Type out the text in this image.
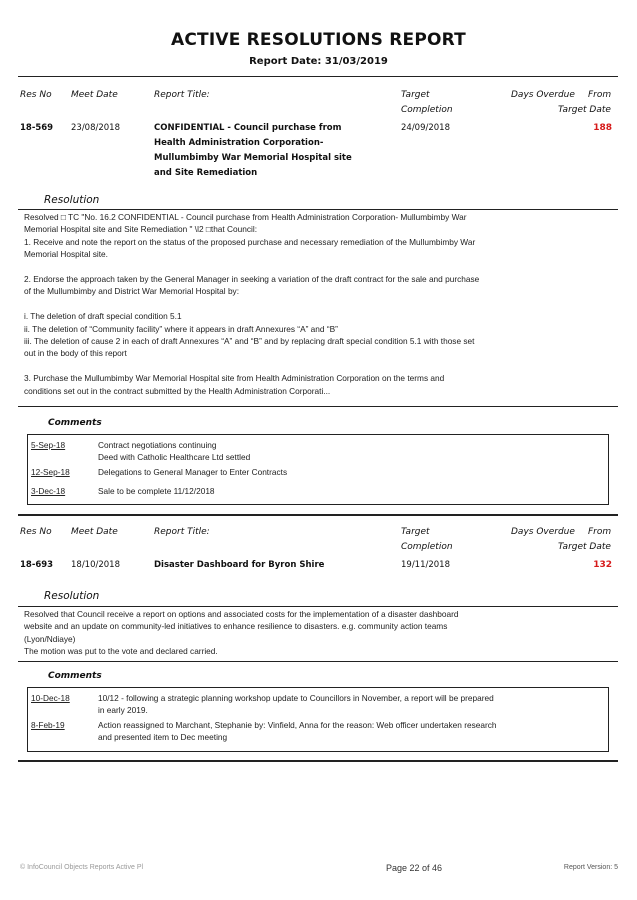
ACTIVE RESOLUTIONS REPORT
Report Date: 31/03/2019
Res No Meet Date	Report Title:	Target
Completion
Days Overdue From
Target Date
18-569 23/08/2018	CONFIDENTIAL - Council purchase from
Health Administration Corporation-
Mullumbimby War Memorial Hospital site
and Site Remediation
24/09/2018	188
Resolution

Resolved □ TC "No. 16.2 CONFIDENTIAL - Council purchase from Health Administration Corporation- Mullumbimby War

Memorial Hospital site and Site Remediation " \l2 □that Council:

1. Receive and note the report on the status of the proposed purchase and necessary remediation of the Mullumbimby War

Memorial Hospital site.

2. Endorse the approach taken by the General Manager in seeking a variation of the draft contract for the sale and purchase

of the Mullumbimby and District War Memorial Hospital by:

i. The deletion of draft special condition 5.1

ii. The deletion of “Community facility” where it appears in draft Annexures “A” and “B”

iii. The deletion of cause 2 in each of draft Annexures “A” and “B” and by replacing draft special condition 5.1 with those set

out in the body of this report

3. Purchase the Mullumbimby War Memorial Hospital site from Health Administration Corporation on the terms and

conditions set out in the contract submitted by the Health Administration Corporati...

Comments
5-Sep-18	Contract negotiations continuing
Deed with Catholic Healthcare Ltd settled
12-Sep-18	Delegations to General Manager to Enter Contracts
3-Dec-18	Sale to be complete 11/12/2018
Res No Meet Date	Report Title:	Target
Completion
Days Overdue From
Target Date
18-693 18/10/2018	Disaster Dashboard for Byron Shire	19/11/2018	132
Resolution

Resolved that Council receive a report on options and associated costs for the implementation of a disaster dashboard

website and an update on community-led initiatives to enhance resilience to disasters. e.g. community action teams

(Lyon/Ndiaye)

The motion was put to the vote and declared carried.

Comments
10-Dec-18	10/12 - following a strategic planning workshop update to Councillors in November, a report will be prepared
in early 2019.
8-Feb-19	Action reassigned to Marchant, Stephanie by: Vinfield, Anna for the reason: Web officer undertaken research
and presented item to Dec meeting
© InfoCouncil Objects Reports Active Pl	Page 22 of 46	Report Version: 5
